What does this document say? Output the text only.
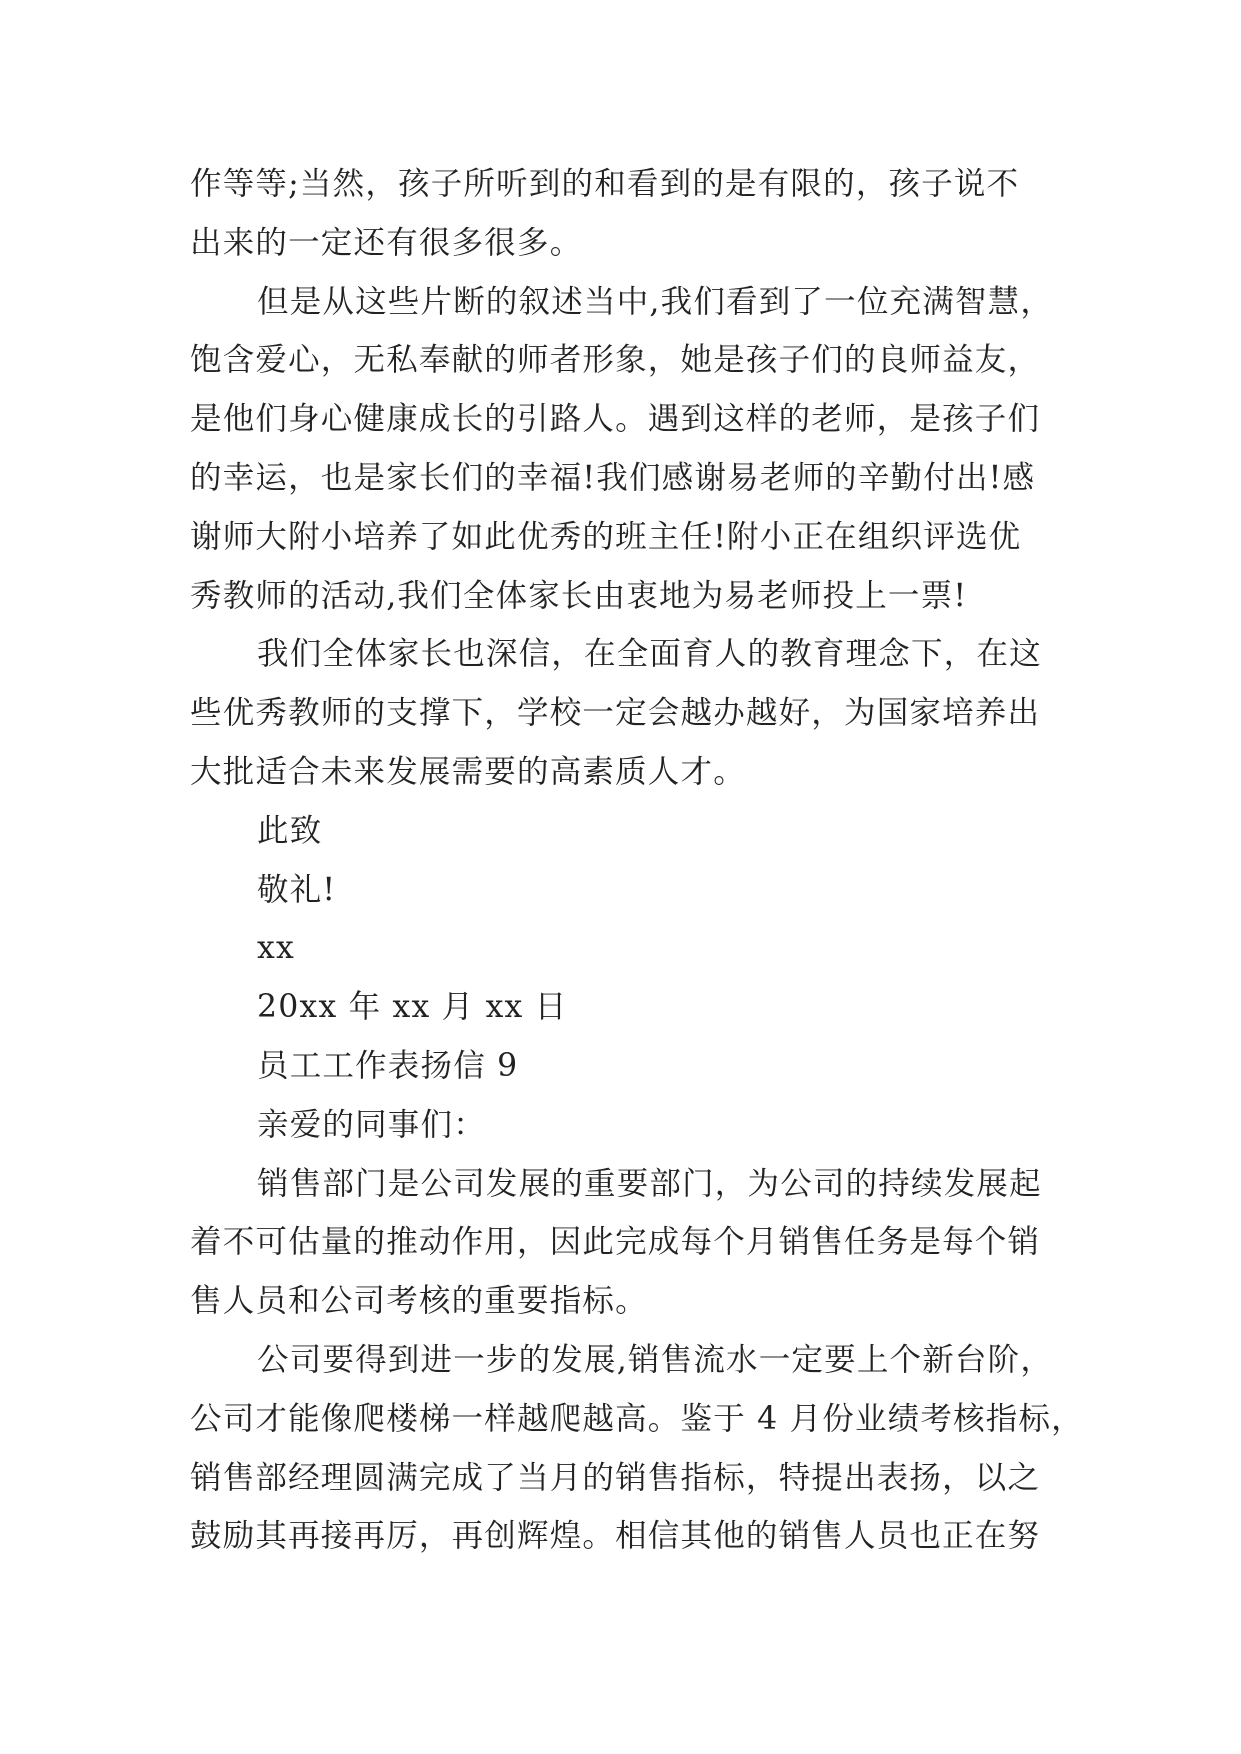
作等等;当然，孩子所听到的和看到的是有限的，孩子说不
出来的一定还有很多很多。
但是从这些片断的叙述当中,我们看到了一位充满智慧，
饱含爱心，无私奉献的师者形象，她是孩子们的良师益友，
是他们身心健康成长的引路人。遇到这样的老师，是孩子们
的幸运，也是家长们的幸福!我们感谢易老师的辛勤付出!感
谢师大附小培养了如此优秀的班主任!附小正在组织评选优
秀教师的活动,我们全体家长由衷地为易老师投上一票!
我们全体家长也深信，在全面育人的教育理念下，在这
些优秀教师的支撑下，学校一定会越办越好，为国家培养出
大批适合未来发展需要的高素质人才。
此致
敬礼!
xx
20xx 年 xx 月 xx 日
员工工作表扬信 9
亲爱的同事们：
销售部门是公司发展的重要部门，为公司的持续发展起
着不可估量的推动作用，因此完成每个月销售任务是每个销
售人员和公司考核的重要指标。
公司要得到进一步的发展,销售流水一定要上个新台阶，
公司才能像爬楼梯一样越爬越高。鉴于 4 月份业绩考核指标，
销售部经理圆满完成了当月的销售指标，特提出表扬，以之
鼓励其再接再厉，再创辉煌。相信其他的销售人员也正在努
